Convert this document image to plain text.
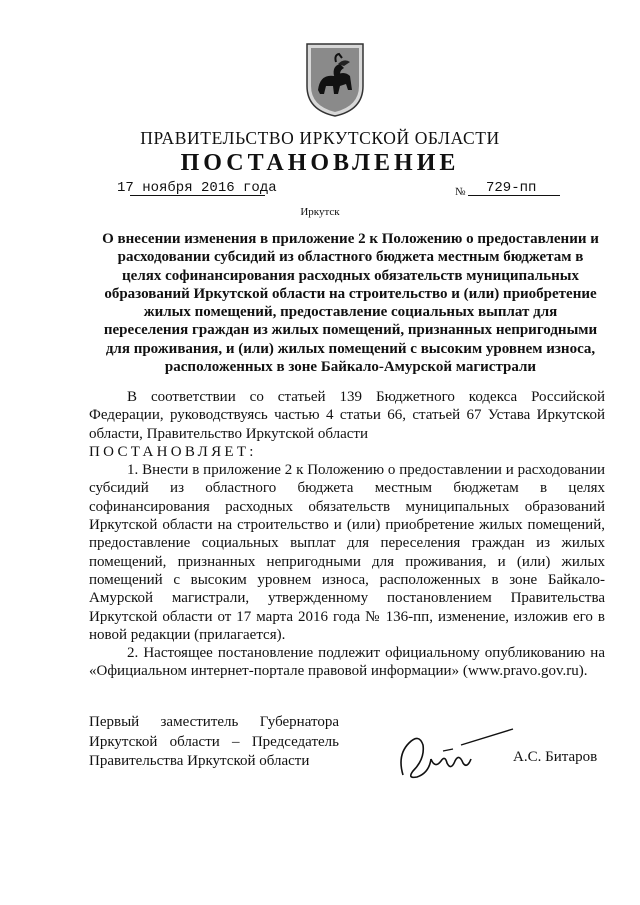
ПРАВИТЕЛЬСТВО ИРКУТСКОЙ ОБЛАСТИ
ПОСТАНОВЛЕНИЕ
17 ноября 2016 года	№ 729-пп
Иркутск
О внесении изменения в приложение 2 к Положению о предоставлении и
расходовании субсидий из областного бюджета местным бюджетам в
целях софинансирования расходных обязательств муниципальных
образований Иркутской области на строительство и (или) приобретение
жилых помещений, предоставление социальных выплат для
переселения граждан из жилых помещений, признанных непригодными
для проживания, и (или) жилых помещений с высоким уровнем износа,
расположенных в зоне Байкало-Амурской магистрали
В соответствии со статьей 139 Бюджетного кодекса Российской Федерации, руководствуясь частью 4 статьи 66, статьей 67 Устава Иркутской области, Правительство Иркутской области
ПОСТАНОВЛЯЕТ:
1. Внести в приложение 2 к Положению о предоставлении и расходовании субсидий из областного бюджета местным бюджетам в целях софинансирования расходных обязательств муниципальных образований Иркутской области на строительство и (или) приобретение жилых помещений, предоставление социальных выплат для переселения граждан из жилых помещений, признанных непригодными для проживания, и (или) жилых помещений с высоким уровнем износа, расположенных в зоне Байкало-Амурской магистрали, утвержденному постановлением Правительства Иркутской области от 17 марта 2016 года № 136-пп, изменение, изложив его в новой редакции (прилагается).
2. Настоящее постановление подлежит официальному опубликованию на «Официальном интернет-портале правовой информации» (www.pravo.gov.ru).
Первый заместитель Губернатора
Иркутской области – Председатель
Правительства Иркутской области	А.С. Битаров
